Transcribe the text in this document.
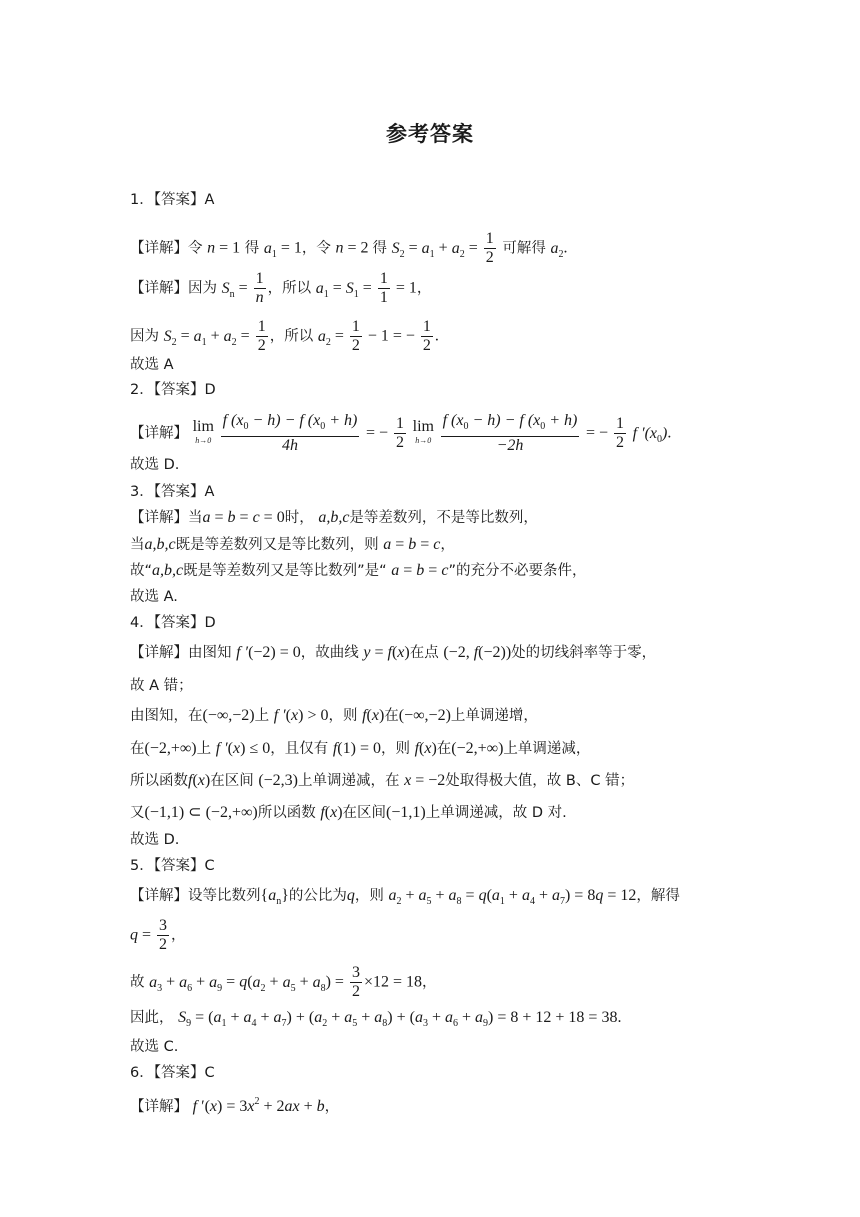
参考答案
1．【答案】A
【详解】令 n = 1 得 $a_1 = 1$，令 n = 2 得 $S_2 = a_1 + a_2 = \frac{1}{2}$ 可解得 $a_2$.
【详解】因为 $S_n = \frac{1}{n}$ ，所以 $a_1 = S_1 = \frac{1}{1} = 1$，
因为 $S_2 = a_1 + a_2 = \frac{1}{2}$ ，所以 $a_2 = \frac{1}{2} - 1$ = − $\frac{1}{2}$ .
故选 A
2．【答案】D
【详解】 lim
h→0
$\frac{f (x_0 - h) - f (x_0 + h)}{4h}$ = − $\frac{1}{2}$ lim
h→0
$\frac{f (x_0 - h) - f (x_0 + h)}{-2h}$ = − $\frac{1}{2}$ f $'(x_0)$.
故选 D.
3．【答案】A
【详解】当a = b = c = 0时， a,b,c是等差数列，不是等比数列，
当a,b,c既是等差数列又是等比数列，则 a = b = c，
故“a,b,c既是等差数列又是等比数列”是“ a = b = c”的充分不必要条件，
故选 A.
4．【答案】D
【详解】由图知 f ′(−2) = 0，故曲线 y = f(x)在点 (−2, f(−2))处的切线斜率等于零，
故 A 错；
由图知，在(−∞,−2)上 f ′(x) > 0，则 f(x)在(−∞,−2)上单调递增，
在(−2,+∞)上 f ′(x) ≤ 0，且仅有 f(1) = 0，则 f(x)在(−2,+∞)上单调递减，
所以函数f(x)在区间 (−2,3)上单调递减，在 x = −2处取得极大值，故 B、C 错；
又(−1,1) ⊂ (−2,+∞)所以函数 f(x)在区间(−1,1)上单调递减，故 D 对.
故选 D.
5．【答案】C
【详解】设等比数列$\{a_n\}$的公比为q，则 $a_2 + a_5 + a_8 = q(a_1 + a_4 + a_7) = 8q = 12$，解得
$q = \frac{3}{2}$ ，
故 $a_3 + a_6 + a_9 = q(a_2 + a_5 + a_8) = \frac{3}{2} \times 12 = 18$，
因此， $S_9 = (a_1 + a_4 + a_7) + (a_2 + a_5 + a_8) + (a_3 + a_6 + a_9) = 8 + 12 + 18 = 38$.
故选 C.
6．【答案】C
【详解】 f $'(x) = 3x^2 + 2ax + b$，
